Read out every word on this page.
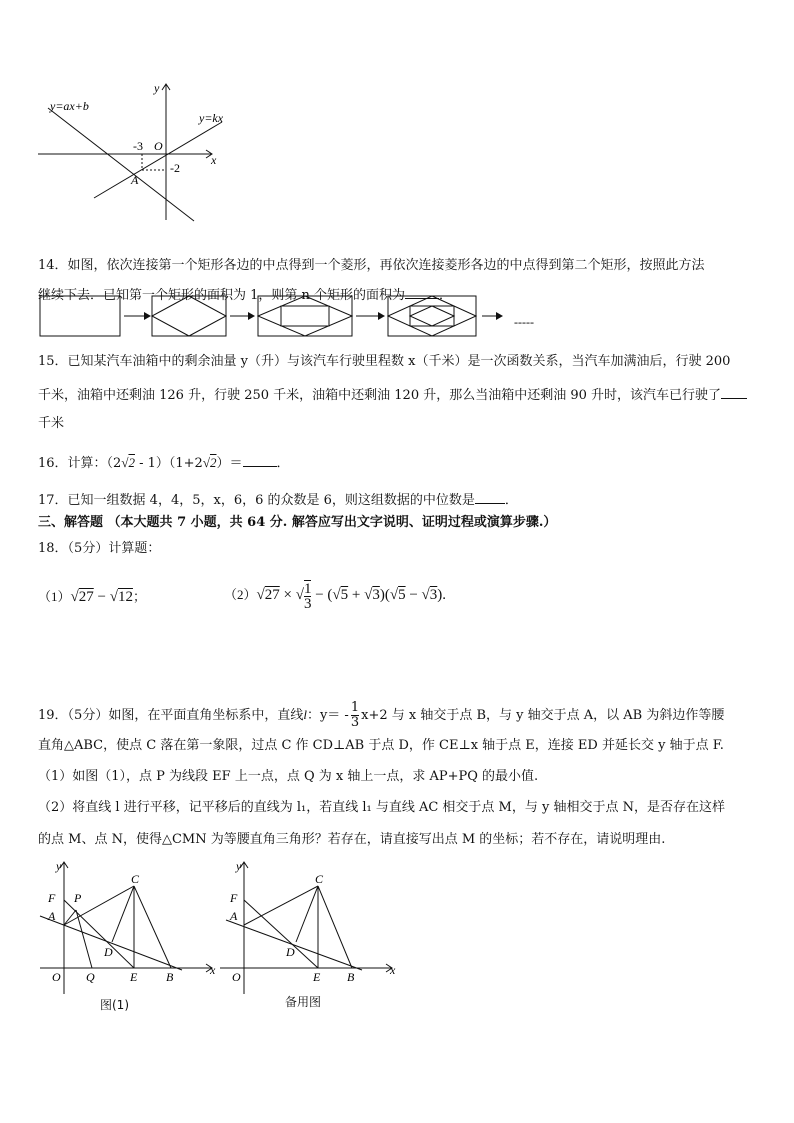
y
x
O
y=ax+b
y=kx
-3
-2
A
14．如图，依次连接第一个矩形各边的中点得到一个菱形，再依次连接菱形各边的中点得到第二个矩形，按照此方法
继续下去．已知第一个矩形的面积为 1，则第 n 个矩形的面积为	．
-----
15．已知某汽车油箱中的剩余油量 y（升）与该汽车行驶里程数 x（千米）是一次函数关系，当汽车加满油后，行驶 200
千米，油箱中还剩油 126 升，行驶 250 千米，油箱中还剩油 120 升，那么当油箱中还剩油 90 升时，该汽车已行驶了
千米
16．计算：（2√2 - 1）（1+2√2）＝	．
17．已知一组数据 4，4，5，x，6，6 的众数是 6，则这组数据的中位数是 ．
三、解答题 （本大题共 7 小题，共 64 分. 解答应写出文字说明、证明过程或演算步骤.）
18．（5分）计算题：
（1）√27 − √12；	（2）√27 × √ $\frac{1}{3} - (√5 + √3)(√5 - √3)$.
19．（5分）如图，在平面直角坐标系中，直线l：$y= - \frac{1}{3} x+2$ 与 x 轴交于点 B，与 y 轴交于点 A，以 AB 为斜边作等腰
直角△ABC，使点 C 落在第一象限，过点 C 作 CD⊥AB 于点 D，作 CE⊥x 轴于点 E，连接 ED 并延长交 y 轴于点 F.
（1）如图（1），点 P 为线段 EF 上一点，点 Q 为 x 轴上一点，求 AP+PQ 的最小值.
（2）将直线 l 进行平移，记平移后的直线为 l₁，若直线 l₁ 与直线 AC 相交于点 M，与 y 轴相交于点 N，是否存在这样
的点 M、点 N，使得△CMN 为等腰直角三角形？若存在，请直接写出点 M 的坐标；若不存在，请说明理由.
y
x
F P
A
C
D
O Q	E B
图(1)
y
x
F
A
C
D
O	E B
备用图
